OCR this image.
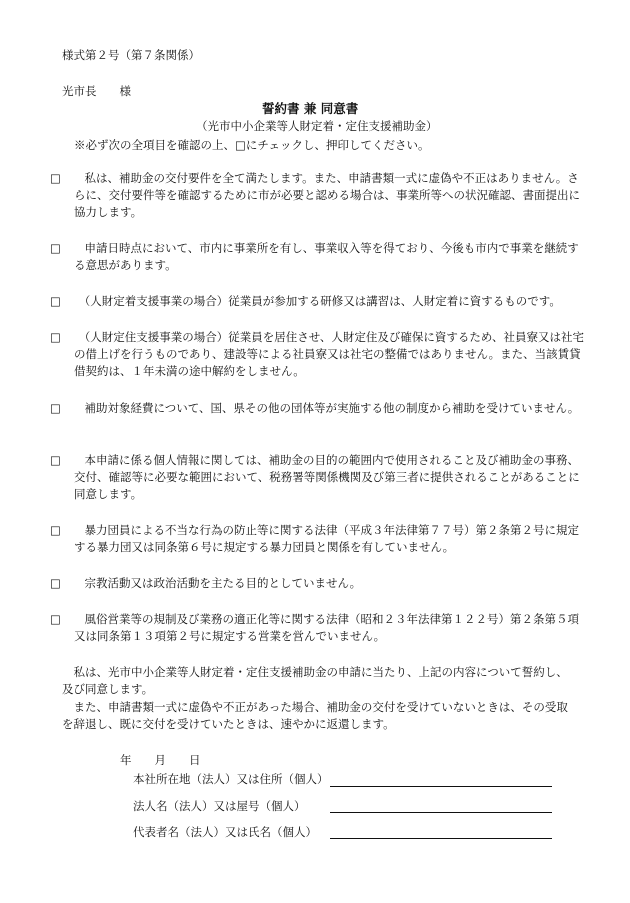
様式第２号（第７条関係）
光市長　　様
誓約書 兼 同意書
（光市中小企業等人財定着・定住支援補助金）
※必ず次の全項目を確認の上、□にチェックし、押印してください。
□　 私は、補助金の交付要件を全て満たします。また、申請書類一式に虚偽や不正はありません。さらに、交付要件等を確認するために市が必要と認める場合は、事業所等への状況確認、書面提出に協力します。
□　 申請日時点において、市内に事業所を有し、事業収入等を得ており、今後も市内で事業を継続する意思があります。
□　 （人財定着支援事業の場合）従業員が参加する研修又は講習は、人財定着に資するものです。
□　 （人財定住支援事業の場合）従業員を居住させ、人財定住及び確保に資するため、社員寮又は社宅の借上げを行うものであり、建設等による社員寮又は社宅の整備ではありません。また、当該賃貸借契約は、１年未満の途中解約をしません。
□　 補助対象経費について、国、県その他の団体等が実施する他の制度から補助を受けていません。
□　 本申請に係る個人情報に関しては、補助金の目的の範囲内で使用されること及び補助金の事務、交付、確認等に必要な範囲において、税務署等関係機関及び第三者に提供されることがあることに同意します。
□　 暴力団員による不当な行為の防止等に関する法律（平成３年法律第７７号）第２条第２号に規定する暴力団又は同条第６号に規定する暴力団員と関係を有していません。
□　 宗教活動又は政治活動を主たる目的としていません。
□　 風俗営業等の規制及び業務の適正化等に関する法律（昭和２３年法律第１２２号）第２条第５項又は同条第１３項第２号に規定する営業を営んでいません。
　私は、光市中小企業等人財定着・定住支援補助金の申請に当たり、上記の内容について誓約し、及び同意します。
　また、申請書類一式に虚偽や不正があった場合、補助金の交付を受けていないときは、その受取を辞退し、既に交付を受けていたときは、速やかに返還します。
年　　月　　日
本社所在地（法人）又は住所（個人）
法人名（法人）又は屋号（個人）
代表者名（法人）又は氏名（個人）
